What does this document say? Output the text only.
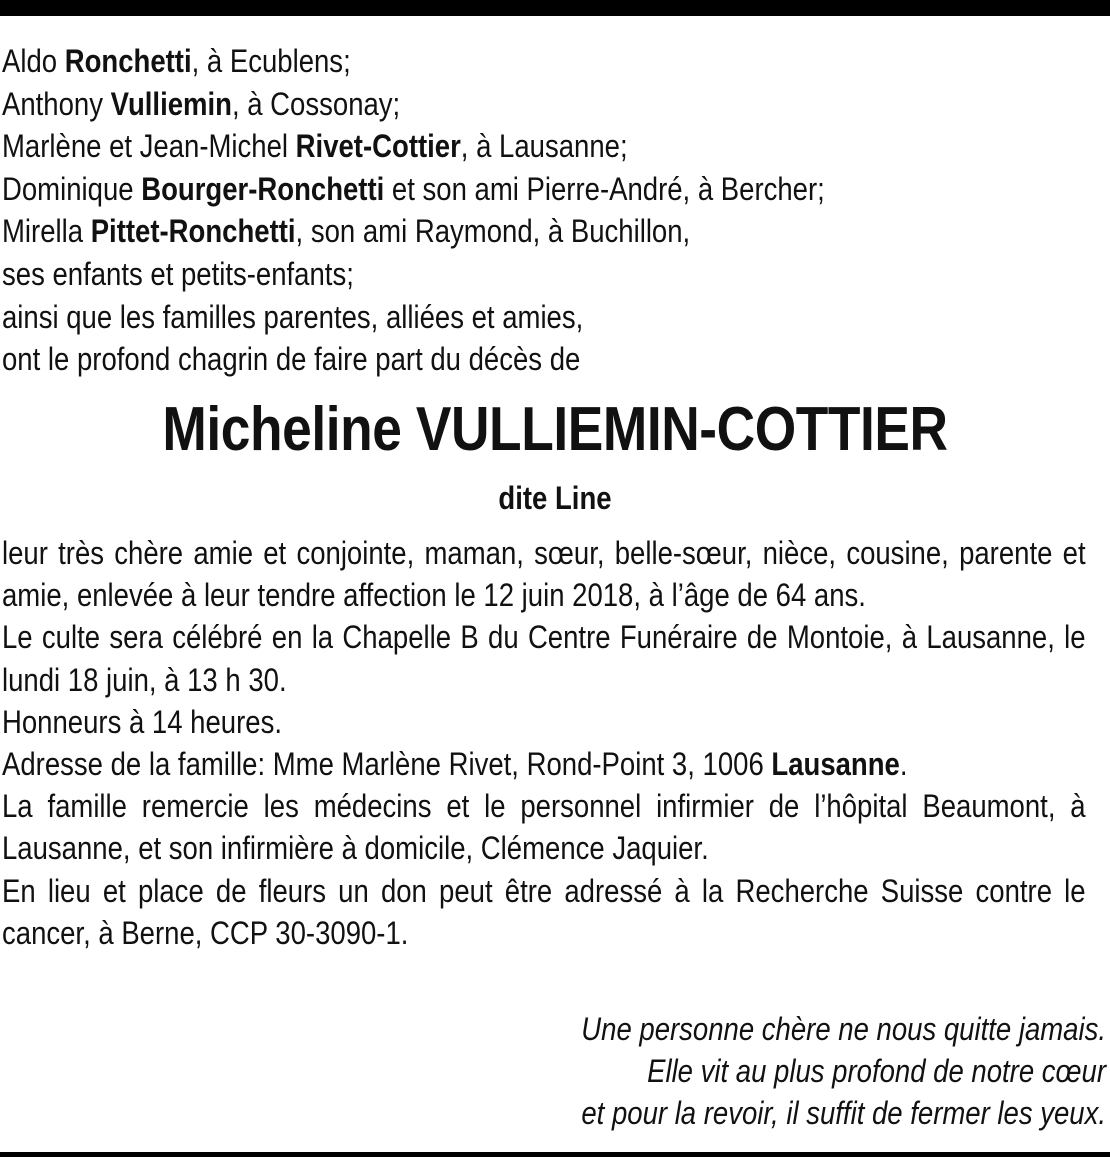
Aldo Ronchetti, à Ecublens;
Anthony Vulliemin, à Cossonay;
Marlène et Jean-Michel Rivet-Cottier, à Lausanne;
Dominique Bourger-Ronchetti et son ami Pierre-André, à Bercher;
Mirella Pittet-Ronchetti, son ami Raymond, à Buchillon,
ses enfants et petits-enfants;
ainsi que les familles parentes, alliées et amies,
ont le profond chagrin de faire part du décès de
Micheline VULLIEMIN-COTTIER
dite Line

leur très chère amie et conjointe, maman, sœur, belle-sœur, nièce, cousine, parente et amie, enlevée à leur tendre affection le 12 juin 2018, à l’âge de 64 ans.

Le culte sera célébré en la Chapelle B du Centre Funéraire de Montoie, à Lausanne, le lundi 18 juin, à 13 h 30.

Honneurs à 14 heures.

Adresse de la famille: Mme Marlène Rivet, Rond-Point 3, 1006 Lausanne.

La famille remercie les médecins et le personnel infirmier de l’hôpital Beaumont, à Lausanne, et son infirmière à domicile, Clémence Jaquier.

En lieu et place de fleurs un don peut être adressé à la Recherche Suisse contre le cancer, à Berne, CCP 30-3090-1.

Une personne chère ne nous quitte jamais.
Elle vit au plus profond de notre cœur
et pour la revoir, il suffit de fermer les yeux.
